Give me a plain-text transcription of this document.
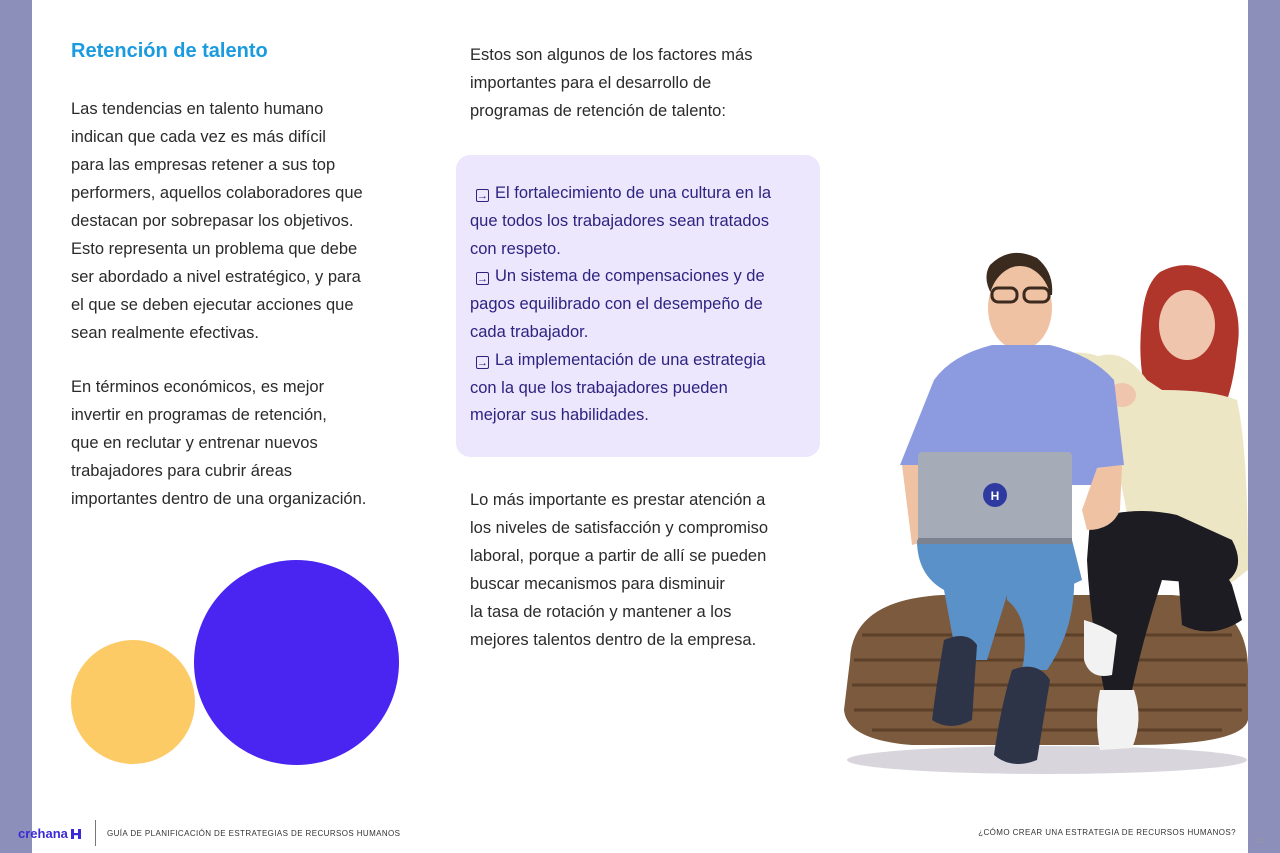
Retención de talento

Las tendencias en talento humano
indican que cada vez es más difícil
para las empresas retener a sus top
performers, aquellos colaboradores que
destacan por sobrepasar los objetivos.
Esto representa un problema que debe
ser abordado a nivel estratégico, y para
el que se deben ejecutar acciones que
sean realmente efectivas.

En términos económicos, es mejor
invertir en programas de retención,
que en reclutar y entrenar nuevos
trabajadores para cubrir áreas
importantes dentro de una organización.

Estos son algunos de los factores más
importantes para el desarrollo de
programas de retención de talento:

→ El fortalecimiento de una cultura en la
que todos los trabajadores sean tratados
con respeto.
→ Un sistema de compensaciones y de
pagos equilibrado con el desempeño de
cada trabajador.
→ La implementación de una estrategia
con la que los trabajadores pueden
mejorar sus habilidades.

Lo más importante es prestar atención a
los niveles de satisfacción y compromiso
laboral, porque a partir de allí se pueden
buscar mecanismos para disminuir
la tasa de rotación y mantener a los
mejores talentos dentro de la empresa.

H
crehana	GUÍA DE PLANIFICACIÓN DE ESTRATEGIAS DE RECURSOS HUMANOS	¿CÓMO CREAR UNA ESTRATEGIA DE RECURSOS HUMANOS?
12
